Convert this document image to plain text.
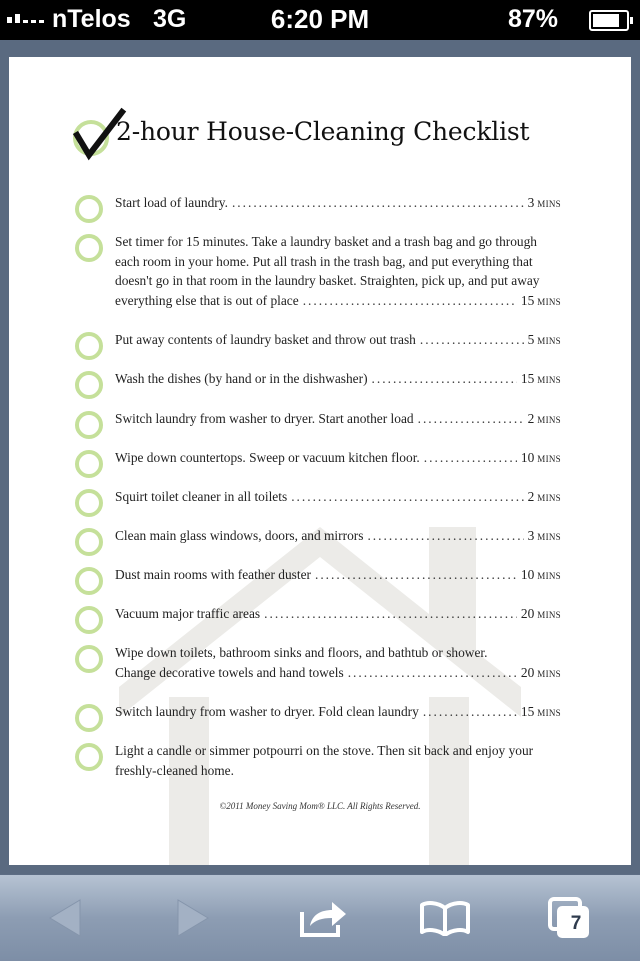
nTelos 3G	6:20 PM	87%
2-hour House-Cleaning Checklist
Start load of laundry. .....	3 MINS
Set timer for 15 minutes. Take a laundry basket and a trash bag and go through
each room in your home. Put all trash in the trash bag, and put everything that
doesn't go in that room in the laundry basket. Straighten, pick up, and put away
everything else that is out of place .....	15 MINS
Put away contents of laundry basket and throw out trash .....	5 MINS
Wash the dishes (by hand or in the dishwasher) .....	15 MINS
Switch laundry from washer to dryer. Start another load .....	2 MINS
Wipe down countertops. Sweep or vacuum kitchen floor. .....	10 MINS
Squirt toilet cleaner in all toilets .....	2 MINS
Clean main glass windows, doors, and mirrors .....	3 MINS
Dust main rooms with feather duster .....	10 MINS
Vacuum major traffic areas .....	20 MINS
Wipe down toilets, bathroom sinks and floors, and bathtub or shower.
Change decorative towels and hand towels .....	20 MINS
Switch laundry from washer to dryer. Fold clean laundry .....	15 MINS
Light a candle or simmer potpourri on the stove. Then sit back and enjoy your
freshly-cleaned home.
©2011 Money Saving Mom® LLC. All Rights Reserved.
7
